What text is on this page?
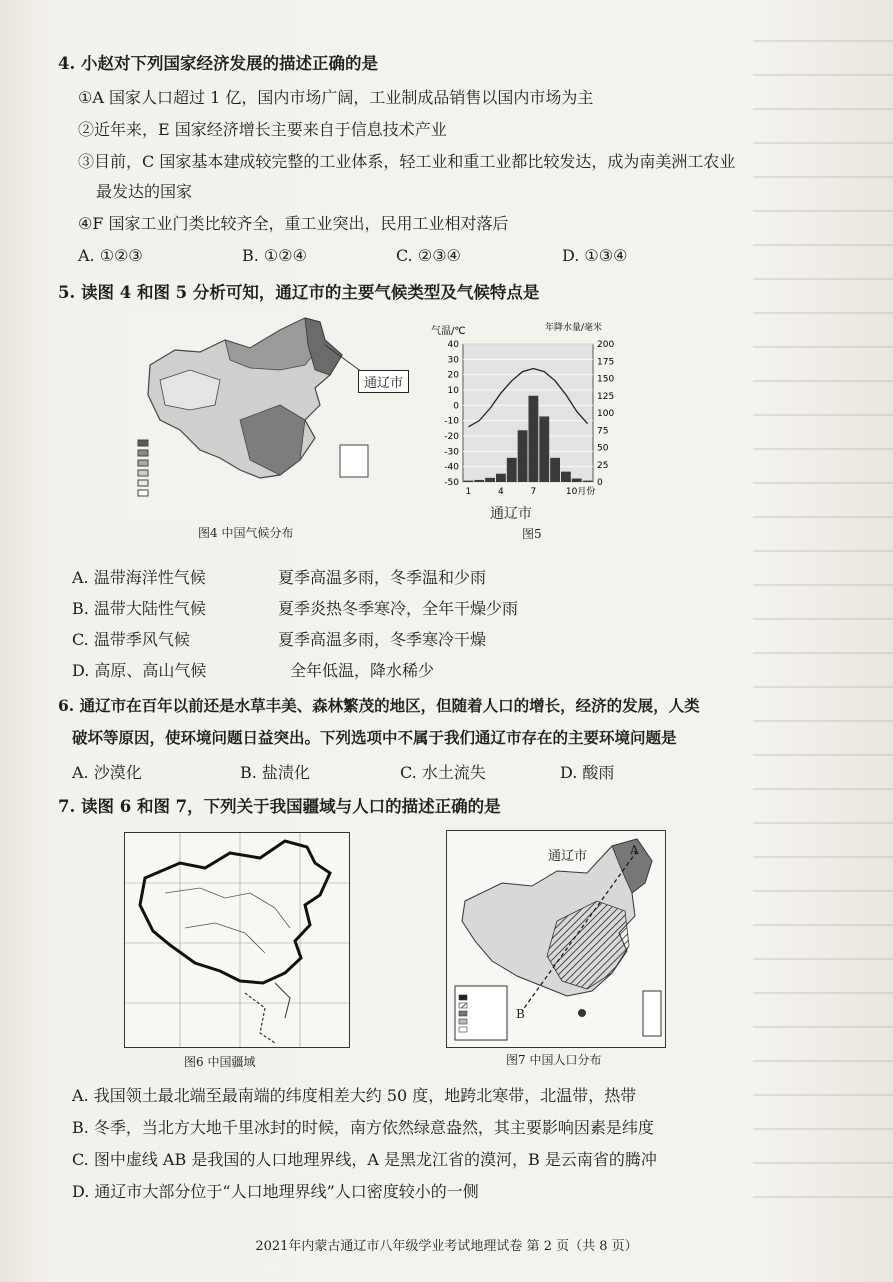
4. 小赵对下列国家经济发展的描述正确的是
①A 国家人口超过 1 亿，国内市场广阔，工业制成品销售以国内市场为主
②近年来，E 国家经济增长主要来自于信息技术产业
③目前，C 国家基本建成较完整的工业体系，轻工业和重工业都比较发达，成为南美洲工农业
最发达的国家
④F 国家工业门类比较齐全，重工业突出，民用工业相对落后
A. ①②③	B. ①②④	C. ②③④	D. ①③④
5. 读图 4 和图 5 分析可知，通辽市的主要气候类型及气候特点是
通辽市
图4 中国气候分布
气温/℃	年降水量/毫米
40
30
20
10
0
-10
-20
-30
-40
-50
200
175
150
125
100
75
50
25
0
1	4	7	10月份
通辽市
图5
A. 温带海洋性气候	夏季高温多雨，冬季温和少雨
B. 温带大陆性气候	夏季炎热冬季寒冷，全年干燥少雨
C. 温带季风气候	夏季高温多雨，冬季寒冷干燥
D. 高原、高山气候	全年低温，降水稀少
6. 通辽市在百年以前还是水草丰美、森林繁茂的地区，但随着人口的增长，经济的发展，人类
破坏等原因，使环境问题日益突出。下列选项中不属于我们通辽市存在的主要环境问题是
A. 沙漠化	B. 盐渍化	C. 水土流失	D. 酸雨
7. 读图 6 和图 7，下列关于我国疆域与人口的描述正确的是
图6 中国疆域
通辽市	A
B
图7 中国人口分布
A. 我国领土最北端至最南端的纬度相差大约 50 度，地跨北寒带，北温带，热带
B. 冬季，当北方大地千里冰封的时候，南方依然绿意盎然，其主要影响因素是纬度
C. 图中虚线 AB 是我国的人口地理界线，A 是黑龙江省的漠河，B 是云南省的腾冲
D. 通辽市大部分位于“人口地理界线”人口密度较小的一侧
2021年内蒙古通辽市八年级学业考试地理试卷 第 2 页（共 8 页）
